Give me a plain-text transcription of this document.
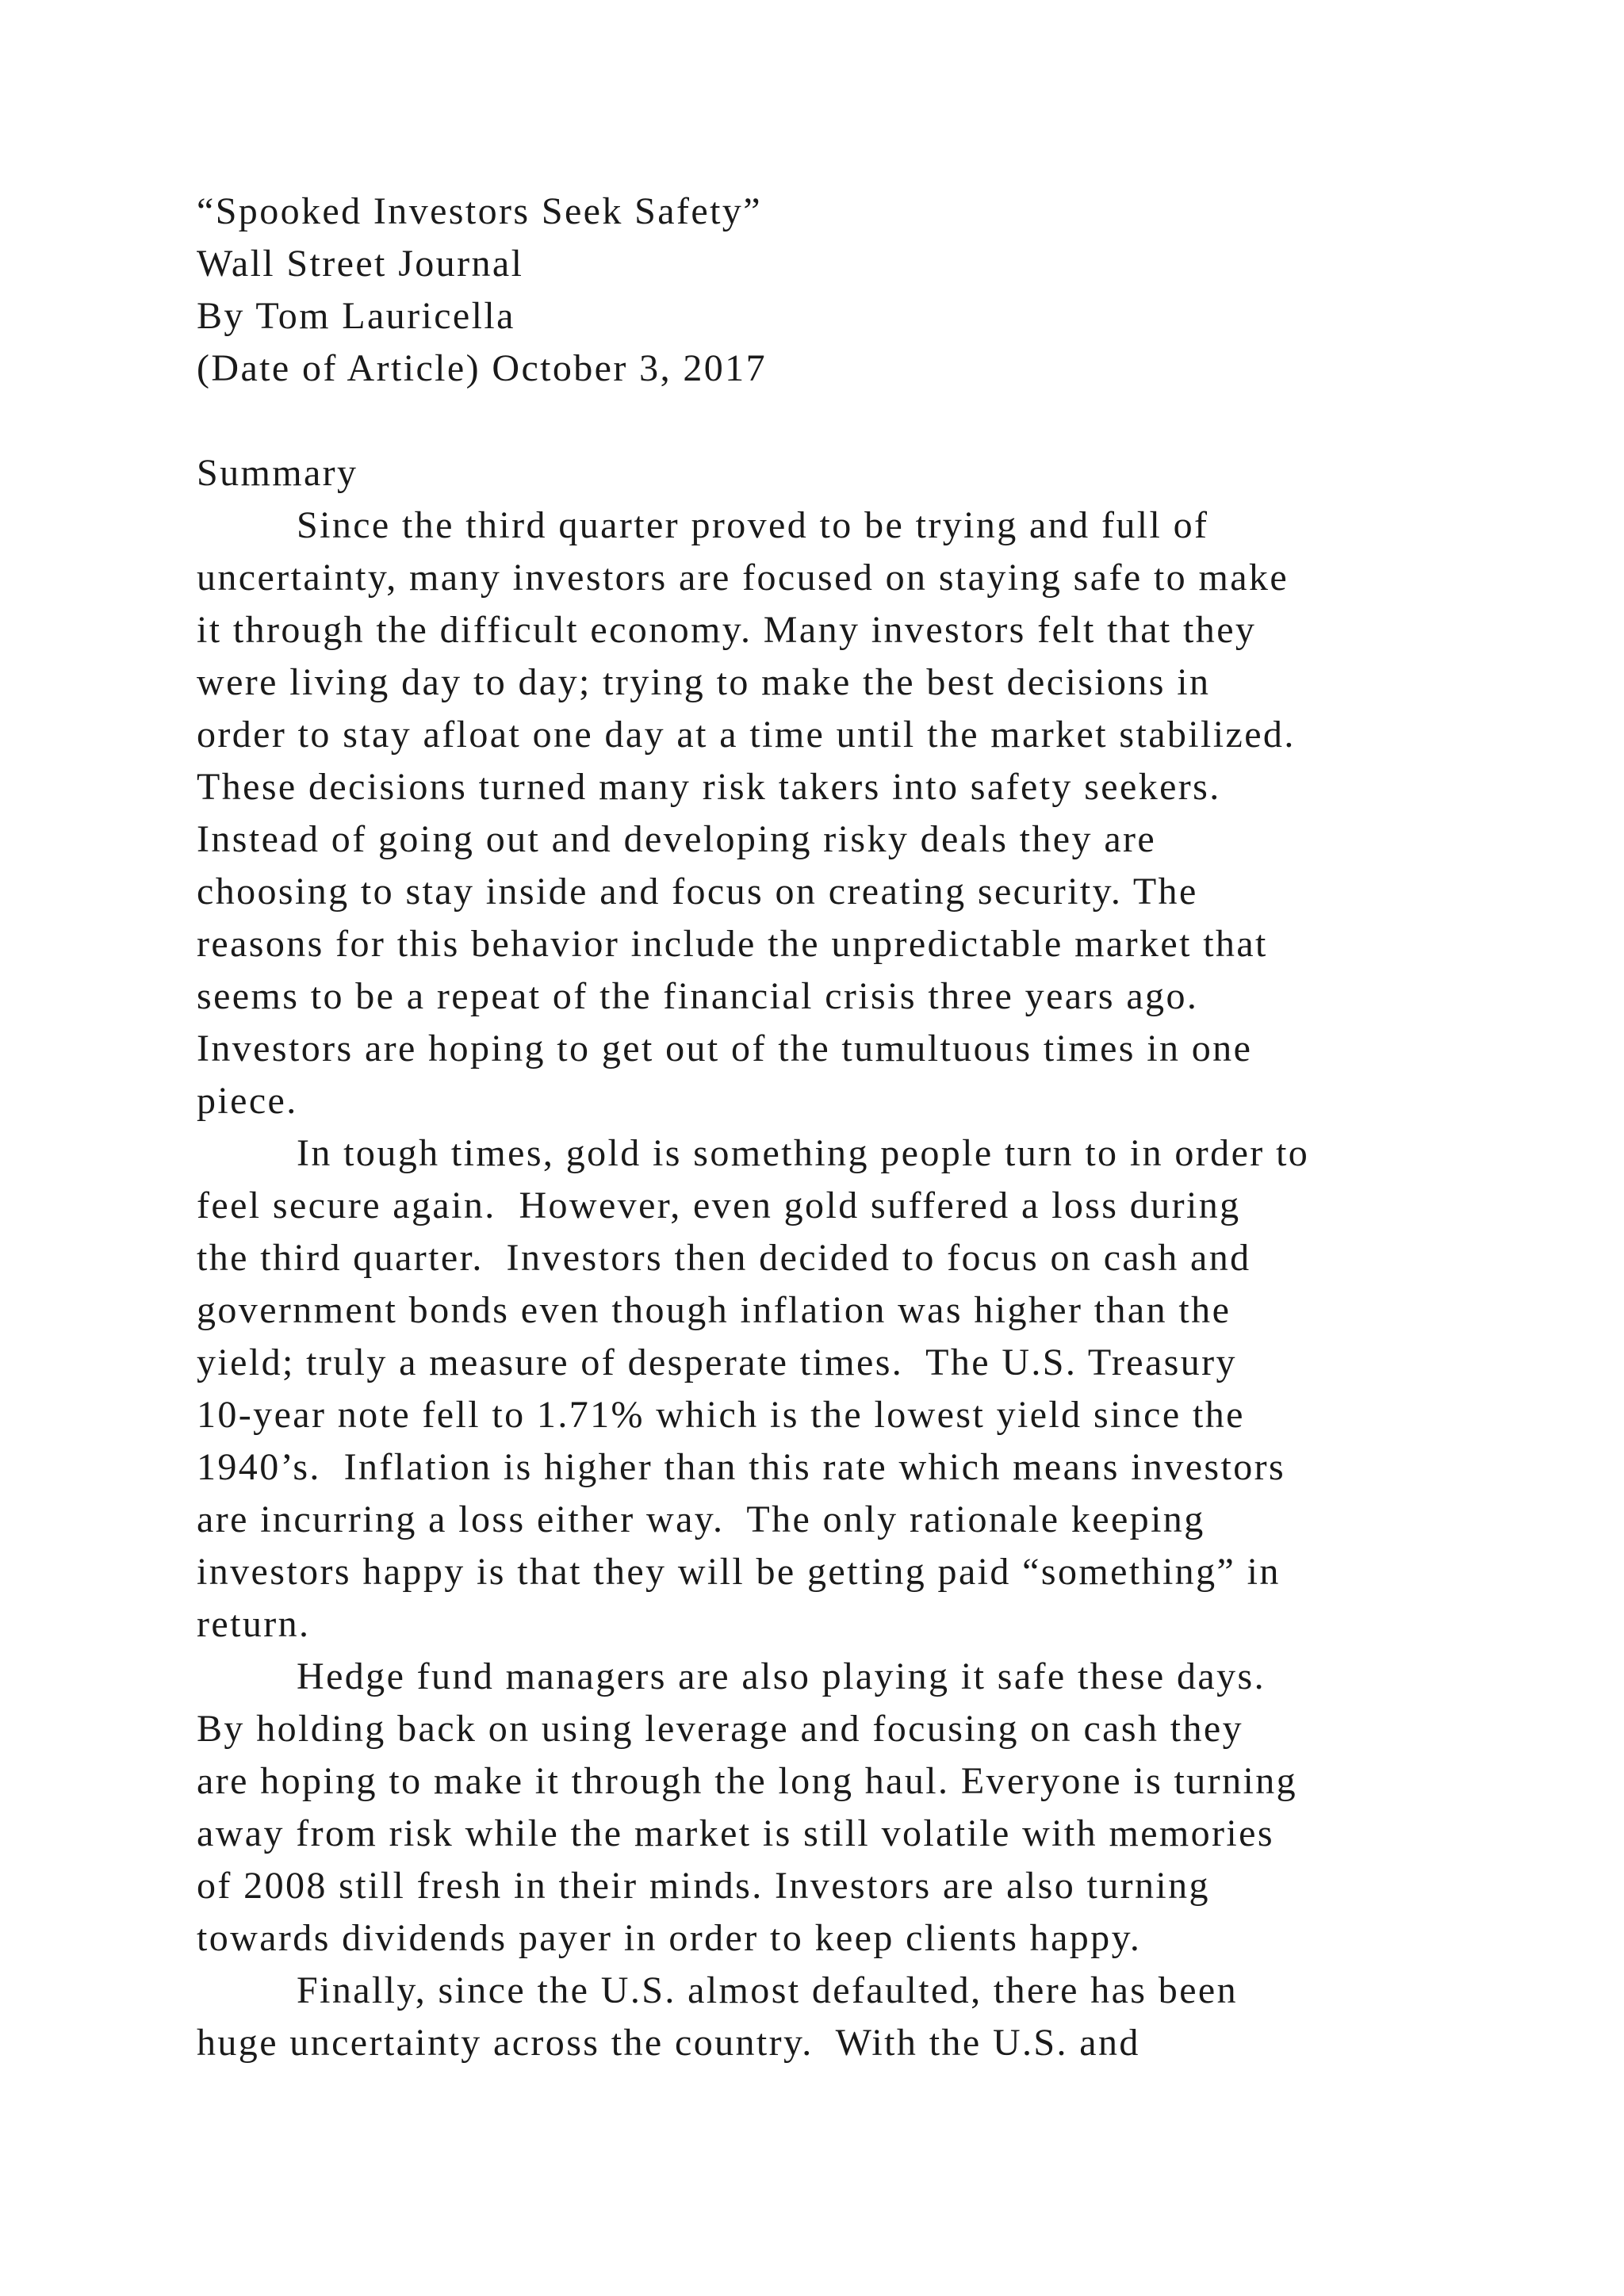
“Spooked Investors Seek Safety”
Wall Street Journal
By Tom Lauricella
(Date of Article) October 3, 2017
Summary
Since the third quarter proved to be trying and full of
uncertainty, many investors are focused on staying safe to make
it through the difficult economy. Many investors felt that they
were living day to day; trying to make the best decisions in
order to stay afloat one day at a time until the market stabilized.
These decisions turned many risk takers into safety seekers.
Instead of going out and developing risky deals they are
choosing to stay inside and focus on creating security. The
reasons for this behavior include the unpredictable market that
seems to be a repeat of the financial crisis three years ago.
Investors are hoping to get out of the tumultuous times in one
piece.
In tough times, gold is something people turn to in order to
feel secure again.  However, even gold suffered a loss during
the third quarter.  Investors then decided to focus on cash and
government bonds even though inflation was higher than the
yield; truly a measure of desperate times.  The U.S. Treasury
10-year note fell to 1.71% which is the lowest yield since the
1940’s.  Inflation is higher than this rate which means investors
are incurring a loss either way.  The only rationale keeping
investors happy is that they will be getting paid “something” in
return.
Hedge fund managers are also playing it safe these days.
By holding back on using leverage and focusing on cash they
are hoping to make it through the long haul. Everyone is turning
away from risk while the market is still volatile with memories
of 2008 still fresh in their minds. Investors are also turning
towards dividends payer in order to keep clients happy.
Finally, since the U.S. almost defaulted, there has been
huge uncertainty across the country.  With the U.S. and
